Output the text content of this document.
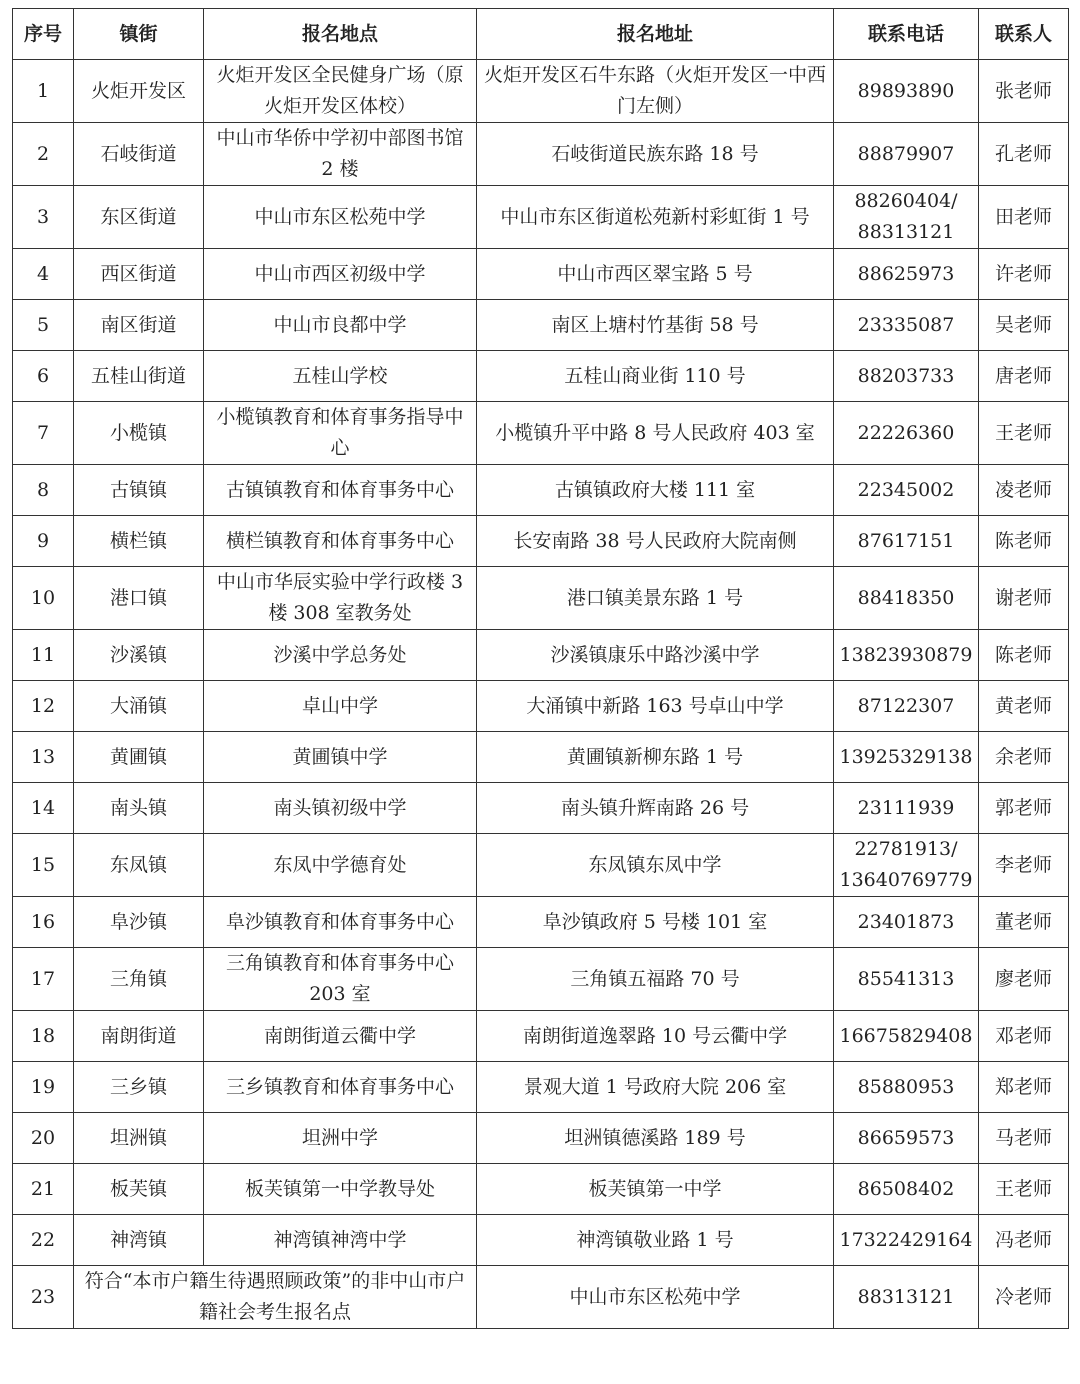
序号	镇街	报名地点	报名地址	联系电话	联系人
1	火炬开发区	火炬开发区全民健身广场（原火炬开发区体校）	火炬开发区石牛东路（火炬开发区一中西门左侧）	89893890	张老师
2	石岐街道	中山市华侨中学初中部图书馆 2 楼	石岐街道民族东路 18 号	88879907	孔老师
3	东区街道	中山市东区松苑中学	中山市东区街道松苑新村彩虹街 1 号	88260404/ 88313121	田老师
4	西区街道	中山市西区初级中学	中山市西区翠宝路 5 号	88625973	许老师
5	南区街道	中山市良都中学	南区上塘村竹基街 58 号	23335087	吴老师
6	五桂山街道	五桂山学校	五桂山商业街 110 号	88203733	唐老师
7	小榄镇	小榄镇教育和体育事务指导中心	小榄镇升平中路 8 号人民政府 403 室	22226360	王老师
8	古镇镇	古镇镇教育和体育事务中心	古镇镇政府大楼 111 室	22345002	凌老师
9	横栏镇	横栏镇教育和体育事务中心	长安南路 38 号人民政府大院南侧	87617151	陈老师
10	港口镇	中山市华辰实验中学行政楼 3 楼 308 室教务处	港口镇美景东路 1 号	88418350	谢老师
11	沙溪镇	沙溪中学总务处	沙溪镇康乐中路沙溪中学	13823930879	陈老师
12	大涌镇	卓山中学	大涌镇中新路 163 号卓山中学	87122307	黄老师
13	黄圃镇	黄圃镇中学	黄圃镇新柳东路 1 号	13925329138	余老师
14	南头镇	南头镇初级中学	南头镇升辉南路 26 号	23111939	郭老师
15	东凤镇	东凤中学德育处	东凤镇东凤中学	22781913/ 13640769779	李老师
16	阜沙镇	阜沙镇教育和体育事务中心	阜沙镇政府 5 号楼 101 室	23401873	董老师
17	三角镇	三角镇教育和体育事务中心 203 室	三角镇五福路 70 号	85541313	廖老师
18	南朗街道	南朗街道云衢中学	南朗街道逸翠路 10 号云衢中学	16675829408	邓老师
19	三乡镇	三乡镇教育和体育事务中心	景观大道 1 号政府大院 206 室	85880953	郑老师
20	坦洲镇	坦洲中学	坦洲镇德溪路 189 号	86659573	马老师
21	板芙镇	板芙镇第一中学教导处	板芙镇第一中学	86508402	王老师
22	神湾镇	神湾镇神湾中学	神湾镇敬业路 1 号	17322429164	冯老师
23	符合“本市户籍生待遇照顾政策”的非中山市户籍社会考生报名点		中山市东区松苑中学	88313121	冷老师
